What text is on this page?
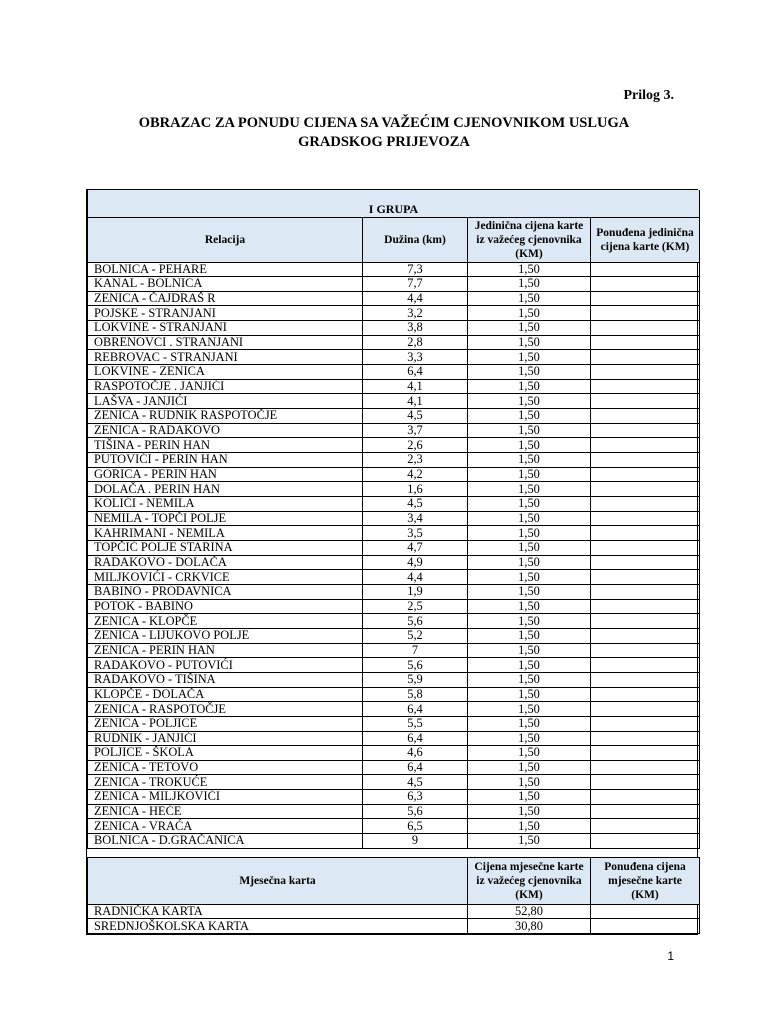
Prilog 3.
OBRAZAC ZA PONUDU CIJENA SA VAŽEĆIM CJENOVNIKOM USLUGA
GRADSKOG PRIJEVOZA
I GRUPA			
Relacija	Dužina (km)	Jedinična cijena karte iz važećeg cjenovnika (KM)	Ponuđena jedinična cijena karte (KM)
BOLNICA - PEHARE	7,3	1,50	
KANAL - BOLNICA	7,7	1,50	
ZENICA - ČAJDRAŠ R	4,4	1,50	
POJSKE - STRANJANI	3,2	1,50	
LOKVINE - STRANJANI	3,8	1,50	
OBRENOVCI . STRANJANI	2,8	1,50	
REBROVAC - STRANJANI	3,3	1,50	
LOKVINE - ZENICA	6,4	1,50	
RASPOTOČJE . JANJIĆI	4,1	1,50	
LAŠVA - JANJIĆI	4,1	1,50	
ZENICA - RUDNIK RASPOTOČJE	4,5	1,50	
ZENICA - RADAKOVO	3,7	1,50	
TIŠINA - PERIN HAN	2,6	1,50	
PUTOVIĆI - PERIN HAN	2,3	1,50	
GORICA - PERIN HAN	4,2	1,50	
DOLAČA . PERIN HAN	1,6	1,50	
KOLIĆI - NEMILA	4,5	1,50	
NEMILA - TOPČI POLJE	3,4	1,50	
KAHRIMANI - NEMILA	3,5	1,50	
TOPČIĆ POLJE STARINA	4,7	1,50	
RADAKOVO - DOLAČA	4,9	1,50	
MILJKOVIĆI - CRKVICE	4,4	1,50	
BABINO - PRODAVNICA	1,9	1,50	
POTOK - BABINO	2,5	1,50	
ZENICA - KLOPČE	5,6	1,50	
ZENICA - LIJUKOVO POLJE	5,2	1,50	
ZENICA - PERIN HAN	7	1,50	
RADAKOVO - PUTOVIĆI	5,6	1,50	
RADAKOVO - TIŠINA	5,9	1,50	
KLOPČE - DOLAČA	5,8	1,50	
ZENICA - RASPOTOČJE	6,4	1,50	
ZENICA - POLJICE	5,5	1,50	
RUDNIK - JANJIĆI	6,4	1,50	
POLJICE - ŠKOLA	4,6	1,50	
ZENICA - TETOVO	6,4	1,50	
ZENICA - TROKUĆE	4,5	1,50	
ZENICA - MILJKOVIĆI	6,3	1,50	
ZENICA - HEĆE	5,6	1,50	
ZENICA - VRAĆA	6,5	1,50	
BOLNICA - D.GRAČANICA	9	1,50	

Mjesečna karta		Cijena mjesečne karte iz važećeg cjenovnika (KM)	Ponuđena cijena mjesečne karte (KM)
RADNIČKA KARTA		52,80	
SREDNJOŠKOLSKA KARTA		30,80	
1
